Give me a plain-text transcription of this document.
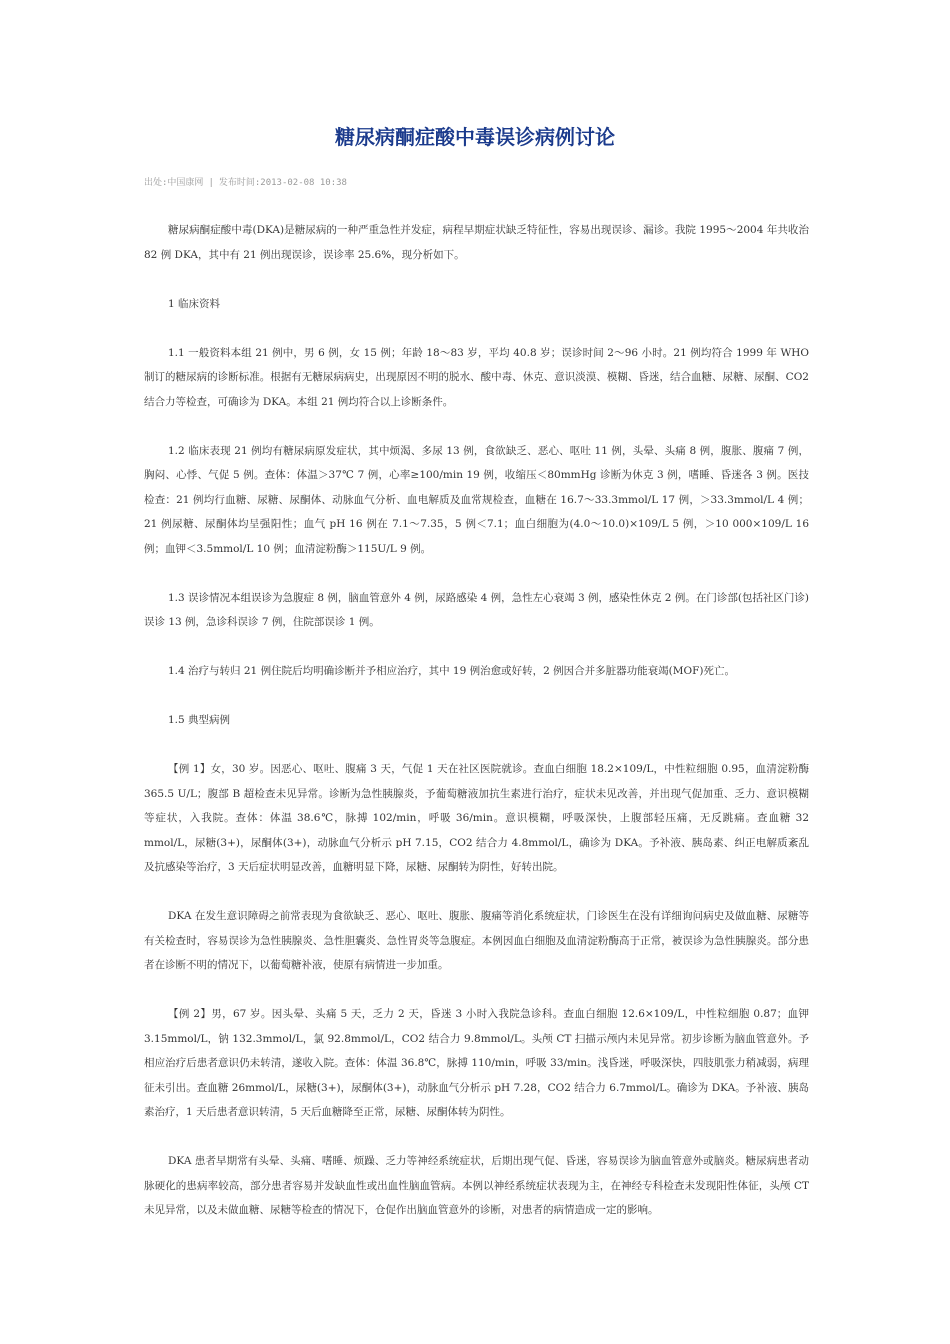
糖尿病酮症酸中毒误诊病例讨论
出处:中国康网 | 发布时间:2013-02-08 10:38

糖尿病酮症酸中毒(DKA)是糖尿病的一种严重急性并发症，病程早期症状缺乏特征性，容易出现误诊、漏诊。我院 1995～2004 年共收治82 例 DKA，其中有 21 例出现误诊，误诊率 25.6%，现分析如下。

1 临床资料

1.1 一般资料本组 21 例中，男 6 例，女 15 例；年龄 18～83 岁，平均 40.8 岁；误诊时间 2～96 小时。21 例均符合 1999 年 WHO 制订的糖尿病的诊断标准。根据有无糖尿病病史，出现原因不明的脱水、酸中毒、休克、意识淡漠、模糊、昏迷，结合血糖、尿糖、尿酮、CO2 结合力等检查，可确诊为 DKA。本组 21 例均符合以上诊断条件。

1.2 临床表现 21 例均有糖尿病原发症状，其中烦渴、多尿 13 例，食欲缺乏、恶心、呕吐 11 例，头晕、头痛 8 例，腹胀、腹痛 7 例，胸闷、心悸、气促 5 例。查体：体温＞37℃ 7 例，心率≥100/min 19 例，收缩压＜80mmHg 诊断为休克 3 例，嗜睡、昏迷各 3 例。医技检查：21 例均行血糖、尿糖、尿酮体、动脉血气分析、血电解质及血常规检查，血糖在 16.7～33.3mmol/L 17 例，＞33.3mmol/L 4 例；21 例尿糖、尿酮体均呈强阳性；血气 pH 16 例在 7.1～7.35，5 例＜7.1；血白细胞为(4.0～10.0)×109/L 5 例，＞10 000×109/L 16 例；血钾＜3.5mmol/L 10 例；血清淀粉酶＞115U/L 9 例。

1.3 误诊情况本组误诊为急腹症 8 例，脑血管意外 4 例，尿路感染 4 例，急性左心衰竭 3 例，感染性休克 2 例。在门诊部(包括社区门诊)误诊 13 例，急诊科误诊 7 例，住院部误诊 1 例。

1.4 治疗与转归 21 例住院后均明确诊断并予相应治疗，其中 19 例治愈或好转，2 例因合并多脏器功能衰竭(MOF)死亡。

1.5 典型病例

【例 1】女，30 岁。因恶心、呕吐、腹痛 3 天，气促 1 天在社区医院就诊。查血白细胞 18.2×109/L，中性粒细胞 0.95，血清淀粉酶 365.5 U/L；腹部 B 超检查未见异常。诊断为急性胰腺炎，予葡萄糖液加抗生素进行治疗，症状未见改善，并出现气促加重、乏力、意识模糊等症状，入我院。查体：体温 38.6℃，脉搏 102/min，呼吸 36/min。意识模糊，呼吸深快，上腹部轻压痛，无反跳痛。查血糖 32 mmol/L，尿糖(3+)，尿酮体(3+)，动脉血气分析示 pH 7.15，CO2 结合力 4.8mmol/L，确诊为 DKA。予补液、胰岛素、纠正电解质紊乱及抗感染等治疗，3 天后症状明显改善，血糖明显下降，尿糖、尿酮转为阴性，好转出院。

DKA 在发生意识障碍之前常表现为食欲缺乏、恶心、呕吐、腹胀、腹痛等消化系统症状，门诊医生在没有详细询问病史及做血糖、尿糖等有关检查时，容易误诊为急性胰腺炎、急性胆囊炎、急性胃炎等急腹症。本例因血白细胞及血清淀粉酶高于正常，被误诊为急性胰腺炎。部分患者在诊断不明的情况下，以葡萄糖补液，使原有病情进一步加重。

【例 2】男，67 岁。因头晕、头痛 5 天，乏力 2 天，昏迷 3 小时入我院急诊科。查血白细胞 12.6×109/L，中性粒细胞 0.87；血钾 3.15mmol/L，钠 132.3mmol/L，氯 92.8mmol/L，CO2 结合力 9.8mmol/L。头颅 CT 扫描示颅内未见异常。初步诊断为脑血管意外。予相应治疗后患者意识仍未转清，遂收入院。查体：体温 36.8℃，脉搏 110/min，呼吸 33/min。浅昏迷，呼吸深快，四肢肌张力稍减弱，病理征未引出。查血糖 26mmol/L，尿糖(3+)，尿酮体(3+)，动脉血气分析示 pH 7.28，CO2 结合力 6.7mmol/L。确诊为 DKA。予补液、胰岛素治疗，1 天后患者意识转清，5 天后血糖降至正常，尿糖、尿酮体转为阴性。

DKA 患者早期常有头晕、头痛、嗜睡、烦躁、乏力等神经系统症状，后期出现气促、昏迷，容易误诊为脑血管意外或脑炎。糖尿病患者动脉硬化的患病率较高，部分患者容易并发缺血性或出血性脑血管病。本例以神经系统症状表现为主，在神经专科检查未发现阳性体征，头颅 CT 未见异常，以及未做血糖、尿糖等检查的情况下，仓促作出脑血管意外的诊断，对患者的病情造成一定的影响。
